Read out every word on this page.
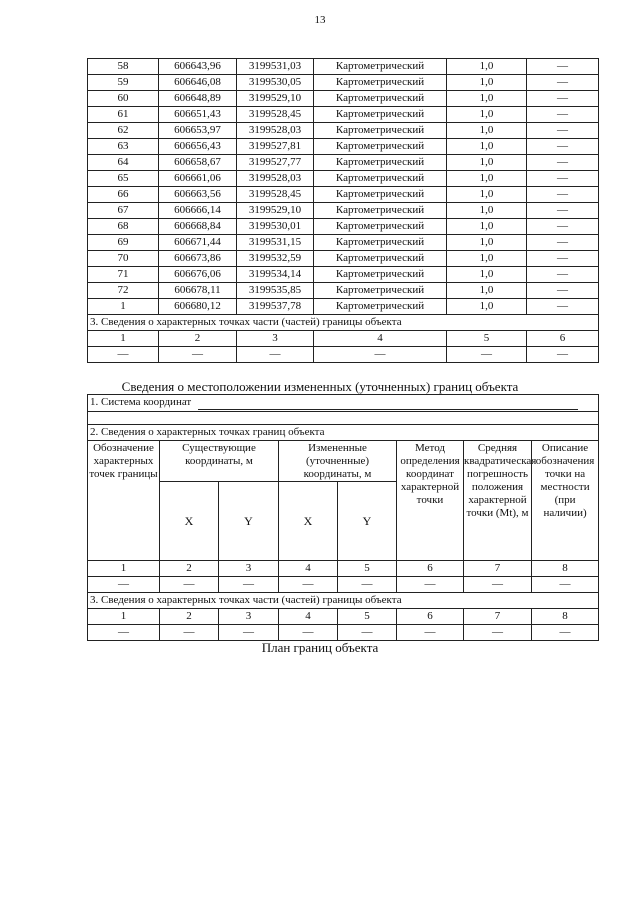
13
58	606643,96	3199531,03	Картометрический	1,0	—
59	606646,08	3199530,05	Картометрический	1,0	—
60	606648,89	3199529,10	Картометрический	1,0	—
61	606651,43	3199528,45	Картометрический	1,0	—
62	606653,97	3199528,03	Картометрический	1,0	—
63	606656,43	3199527,81	Картометрический	1,0	—
64	606658,67	3199527,77	Картометрический	1,0	—
65	606661,06	3199528,03	Картометрический	1,0	—
66	606663,56	3199528,45	Картометрический	1,0	—
67	606666,14	3199529,10	Картометрический	1,0	—
68	606668,84	3199530,01	Картометрический	1,0	—
69	606671,44	3199531,15	Картометрический	1,0	—
70	606673,86	3199532,59	Картометрический	1,0	—
71	606676,06	3199534,14	Картометрический	1,0	—
72	606678,11	3199535,85	Картометрический	1,0	—
1	606680,12	3199537,78	Картометрический	1,0	—
3. Сведения о характерных точках части (частей) границы объекта					
1	2	3	4	5	6
—	—	—	—	—	—
Сведения о местоположении измененных (уточненных) границ объекта
1. Система координат							

2. Сведения о характерных точках границ объекта							
Обозначение характерных точек границы	Существующие координаты, м		Измененные (уточненные) координаты, м		Метод определения координат характерной точки	Средняя квадратическая погрешность положения характерной точки (Mt), м	Описание обозначения точки на местности (при наличии)
	X	Y	X	Y			
1	2	3	4	5	6	7	8
—	—	—	—	—	—	—	—
3. Сведения о характерных точках части (частей) границы объекта							
1	2	3	4	5	6	7	8
—	—	—	—	—	—	—	—
План границ объекта
